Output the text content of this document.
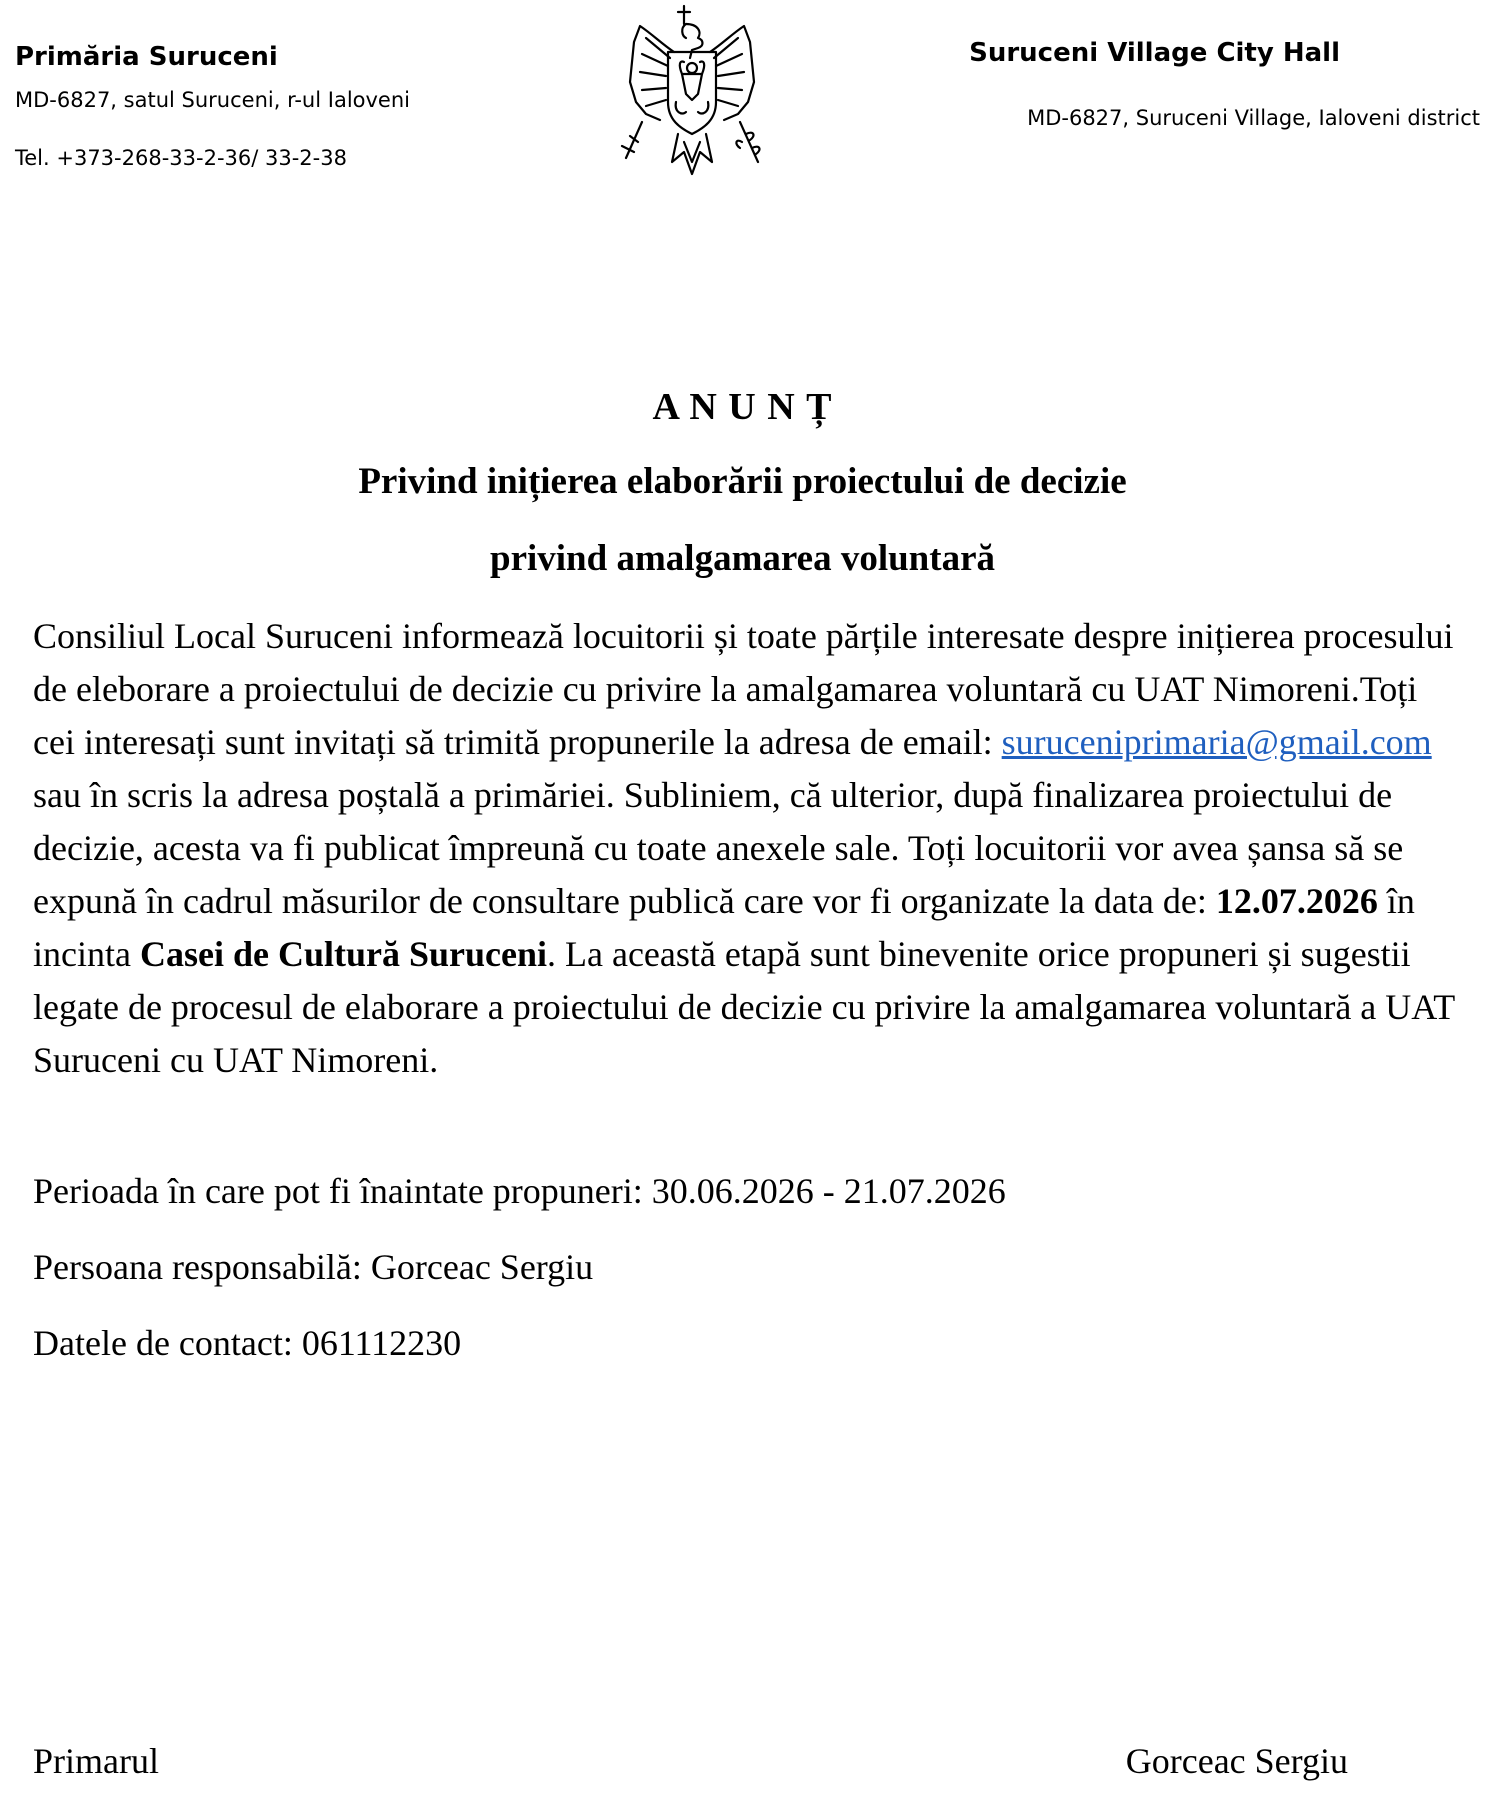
Primăria Suruceni
MD-6827, satul Suruceni, r-ul Ialoveni
Tel. +373-268-33-2-36/ 33-2-38
Suruceni Village City Hall
MD-6827, Suruceni Village, Ialoveni district
A N U N Ț
Privind inițierea elaborării proiectului de decizie
privind amalgamarea voluntară

Consiliul Local Suruceni informează locuitorii și toate părțile interesate despre inițierea procesului de eleborare a proiectului de decizie cu privire la amalgamarea voluntară cu UAT Nimoreni.Toți cei interesați sunt invitați să trimită propunerile la adresa de email: suruceniprimaria@gmail.com sau în scris la adresa poștală a primăriei. Subliniem, că ulterior, după finalizarea proiectului de decizie, acesta va fi publicat împreună cu toate anexele sale. Toți locuitorii vor avea șansa să se expună în cadrul măsurilor de consultare publică care vor fi organizate la data de: 12.07.2026 în incinta Casei de Cultură Suruceni. La această etapă sunt binevenite orice propuneri și sugestii legate de procesul de elaborare a proiectului de decizie cu privire la amalgamarea voluntară a UAT Suruceni cu UAT Nimoreni.

Perioada în care pot fi înaintate propuneri: 30.06.2026 - 21.07.2026
Persoana responsabilă: Gorceac Sergiu
Datele de contact: 061112230
Primarul	Gorceac Sergiu
